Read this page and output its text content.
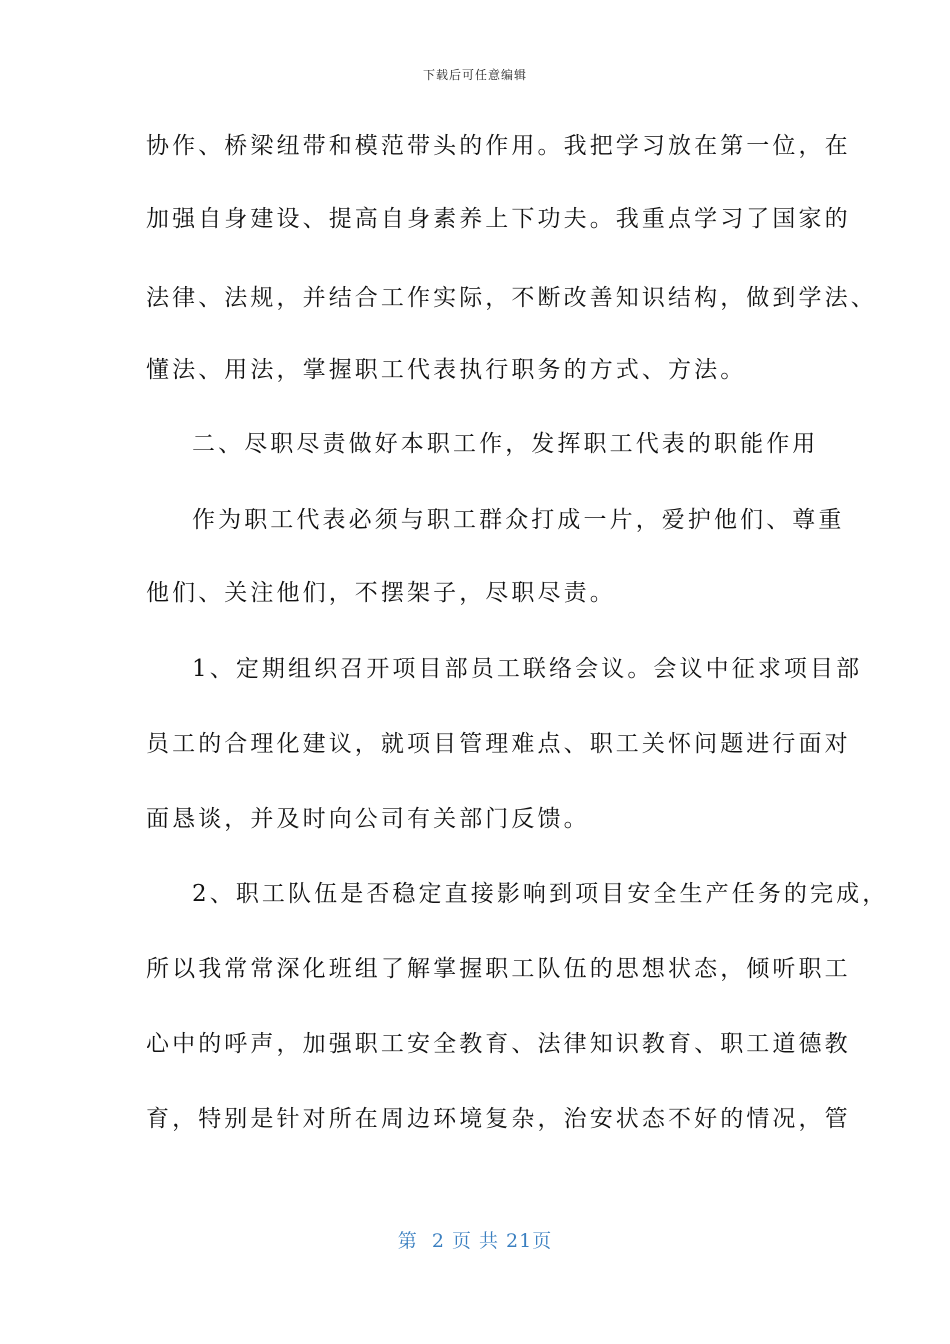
下载后可任意编辑
协作、桥梁纽带和模范带头的作用。我把学习放在第一位，在
加强自身建设、提高自身素养上下功夫。我重点学习了国家的
法律、法规，并结合工作实际，不断改善知识结构，做到学法、
懂法、用法，掌握职工代表执行职务的方式、方法。
二、尽职尽责做好本职工作，发挥职工代表的职能作用
作为职工代表必须与职工群众打成一片，爱护他们、尊重
他们、关注他们，不摆架子，尽职尽责。
1、定期组织召开项目部员工联络会议。会议中征求项目部
员工的合理化建议，就项目管理难点、职工关怀问题进行面对
面恳谈，并及时向公司有关部门反馈。
2、职工队伍是否稳定直接影响到项目安全生产任务的完成，
所以我常常深化班组了解掌握职工队伍的思想状态，倾听职工
心中的呼声，加强职工安全教育、法律知识教育、职工道德教
育，特别是针对所在周边环境复杂，治安状态不好的情况，管
第  2 页 共 21页
